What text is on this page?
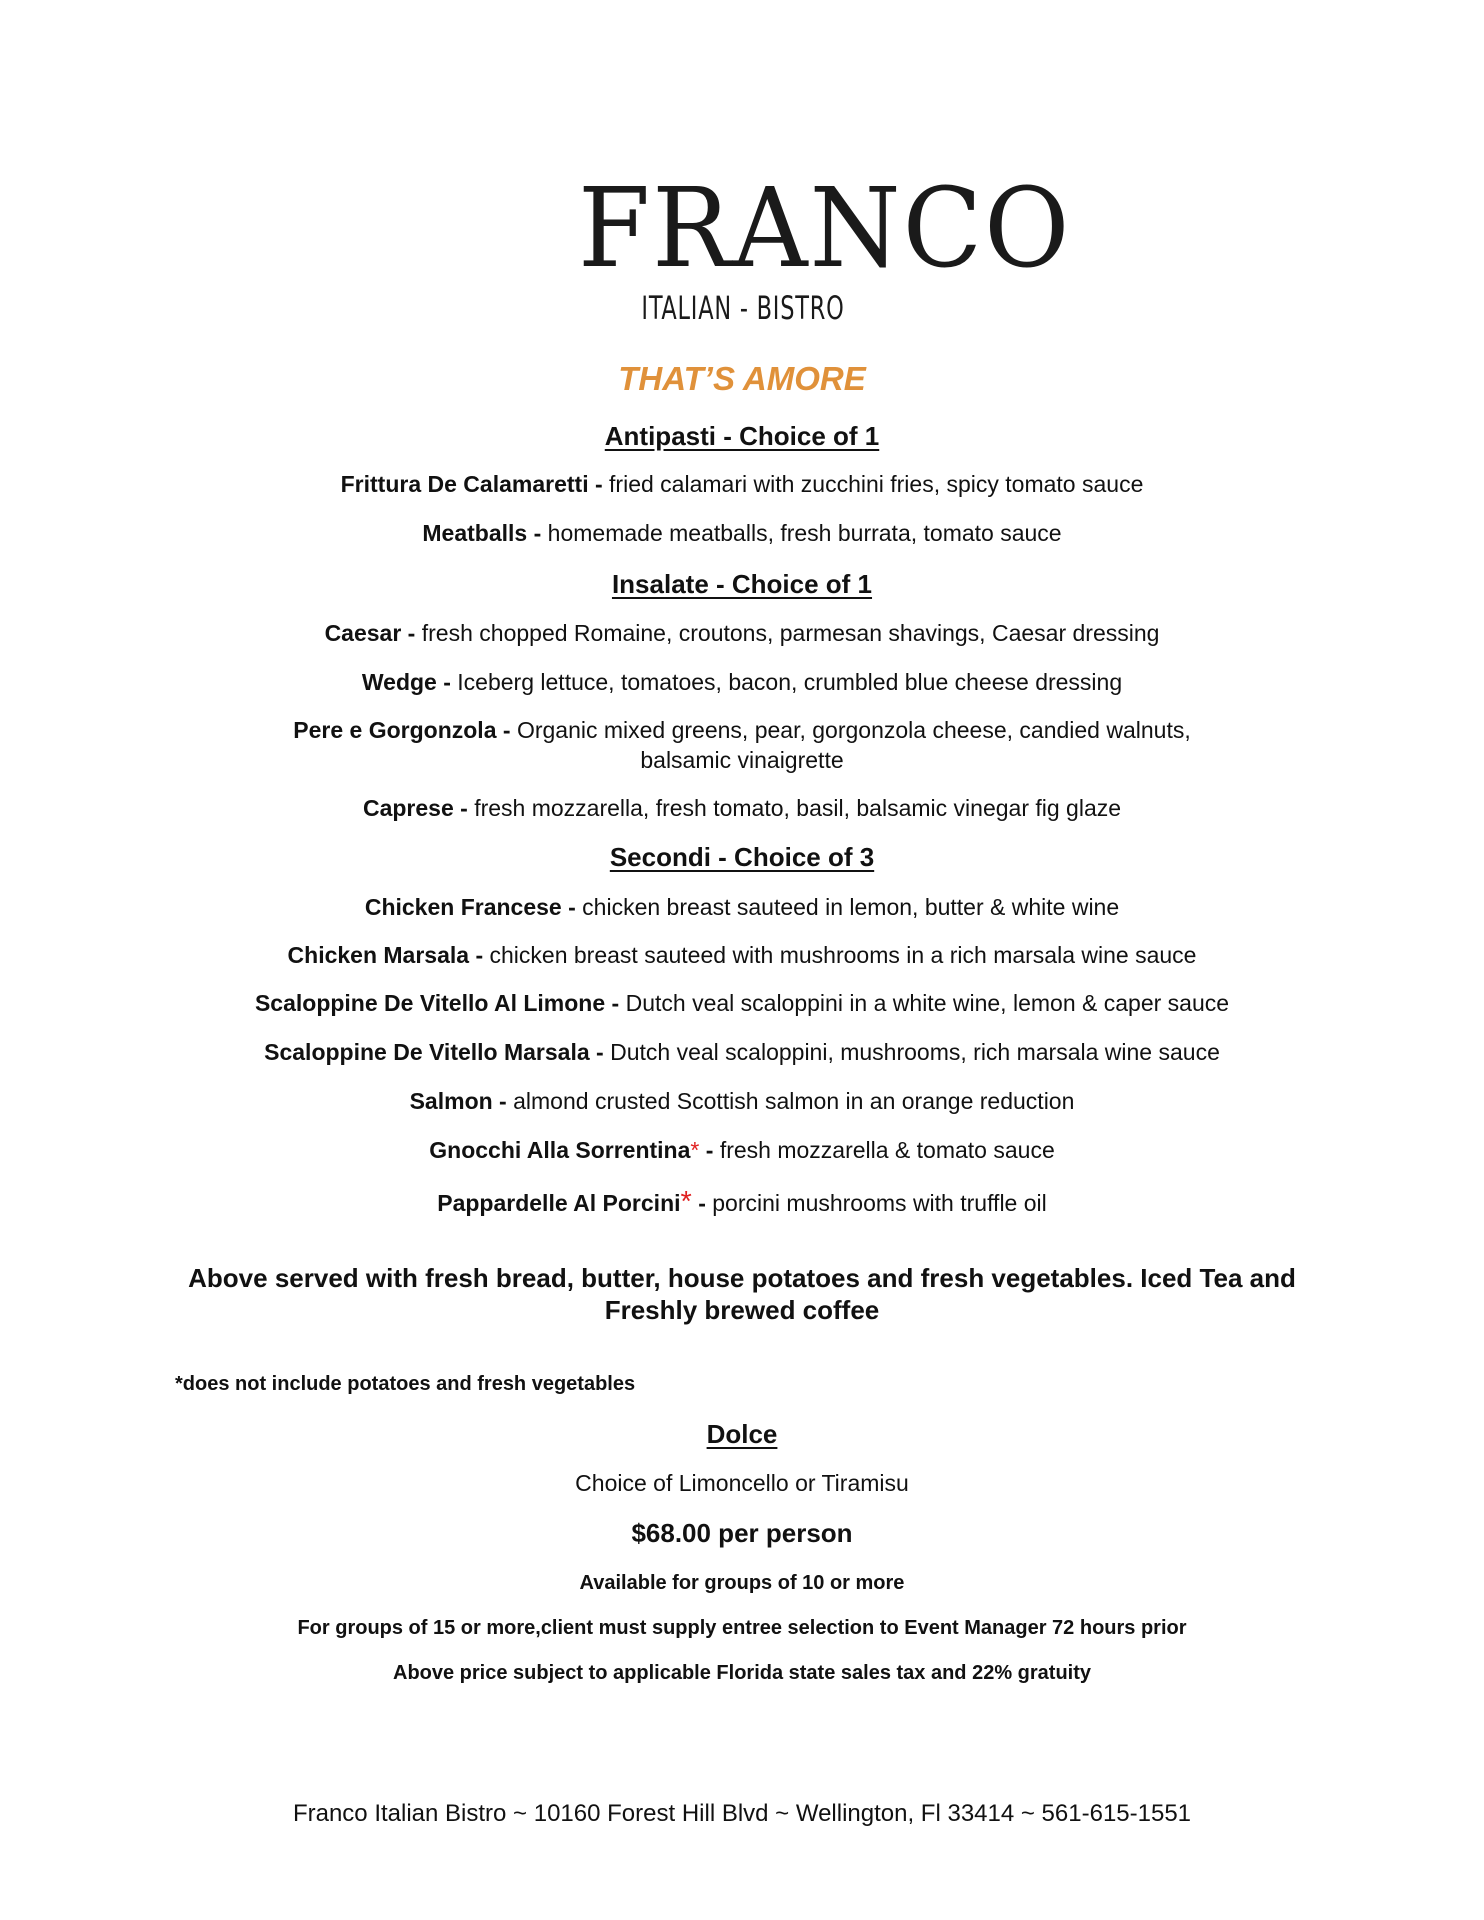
FRANCO
ITALIAN - BISTRO
THAT’S AMORE
Antipasti - Choice of 1
Frittura De Calamaretti - fried calamari with zucchini fries, spicy tomato sauce
Meatballs - homemade meatballs, fresh burrata, tomato sauce
Insalate - Choice of 1
Caesar - fresh chopped Romaine, croutons, parmesan shavings, Caesar dressing
Wedge - Iceberg lettuce, tomatoes, bacon, crumbled blue cheese dressing
Pere e Gorgonzola - Organic mixed greens, pear, gorgonzola cheese, candied walnuts,
balsamic vinaigrette
Caprese - fresh mozzarella, fresh tomato, basil, balsamic vinegar fig glaze
Secondi - Choice of 3
Chicken Francese - chicken breast sauteed in lemon, butter & white wine
Chicken Marsala - chicken breast sauteed with mushrooms in a rich marsala wine sauce
Scaloppine De Vitello Al Limone - Dutch veal scaloppini in a white wine, lemon & caper sauce
Scaloppine De Vitello Marsala - Dutch veal scaloppini, mushrooms, rich marsala wine sauce
Salmon - almond crusted Scottish salmon in an orange reduction
Gnocchi Alla Sorrentina* - fresh mozzarella & tomato sauce
Pappardelle Al Porcini* - porcini mushrooms with truffle oil
Above served with fresh bread, butter, house potatoes and fresh vegetables. Iced Tea and Freshly brewed coffee
*does not include potatoes and fresh vegetables
Dolce
Choice of Limoncello or Tiramisu
$68.00 per person
Available for groups of 10 or more
For groups of 15 or more,client must supply entree selection to Event Manager 72 hours prior
Above price subject to applicable Florida state sales tax and 22% gratuity
Franco Italian Bistro ~ 10160 Forest Hill Blvd ~ Wellington, Fl 33414 ~ 561-615-1551
